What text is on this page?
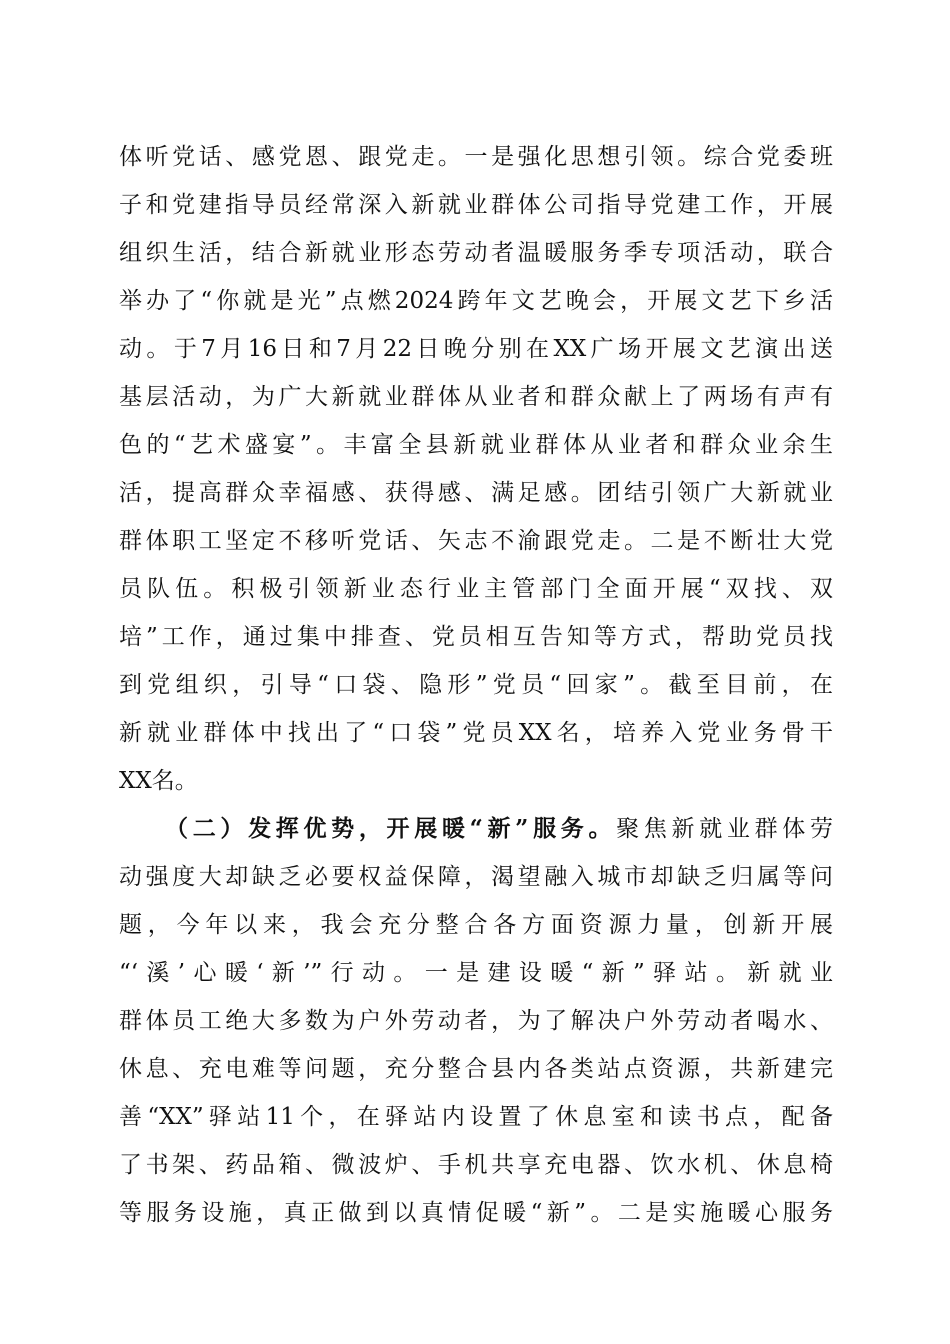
体听党话、感党恩、跟党走。一是强化思想引领。综合党委班
子和党建指导员经常深入新就业群体公司指导党建工作，开展
组织生活，结合新就业形态劳动者温暖服务季专项活动，联合
举办了“你就是光”点燃2024跨年文艺晚会，开展文艺下乡活
动。于7月16日和7月22日晚分别在XX广场开展文艺演出送
基层活动，为广大新就业群体从业者和群众献上了两场有声有
色的“艺术盛宴”。丰富全县新就业群体从业者和群众业余生
活，提高群众幸福感、获得感、满足感。团结引领广大新就业
群体职工坚定不移听党话、矢志不渝跟党走。二是不断壮大党
员队伍。积极引领新业态行业主管部门全面开展“双找、双
培”工作，通过集中排查、党员相互告知等方式，帮助党员找
到党组织，引导“口袋、隐形”党员“回家”。截至目前，在
新就业群体中找出了“口袋”党员XX名，培养入党业务骨干
XX名。
（二）发挥优势，开展暖“新”服务。聚焦新就业群体劳
动强度大却缺乏必要权益保障，渴望融入城市却缺乏归属等问
题，今年以来，我会充分整合各方面资源力量，创新开展
“‘溪’心暖‘新’”行动。一是建设暖“新”驿站。新就业
群体员工绝大多数为户外劳动者，为了解决户外劳动者喝水、
休息、充电难等问题，充分整合县内各类站点资源，共新建完
善“XX”驿站11个，在驿站内设置了休息室和读书点，配备
了书架、药品箱、微波炉、手机共享充电器、饮水机、休息椅
等服务设施，真正做到以真情促暖“新”。二是实施暖心服务
